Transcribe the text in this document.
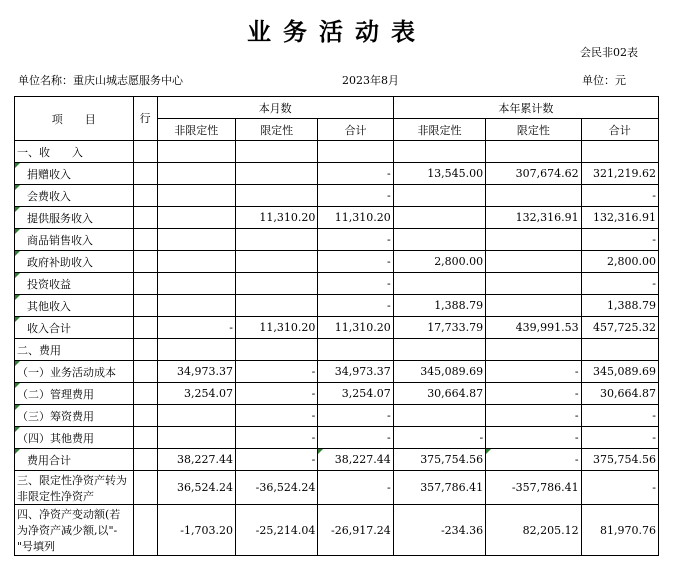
业务活动表
会民非02表
单位名称：重庆山城志愿服务中心	2023年8月	单位：元
项　　目	行	本月数			本年累计数		
		非限定性	限定性	合计	非限定性	限定性	合计
一、收　　入							
捐赠收入				-	13,545.00	307,674.62	321,219.62
会费收入				-			-
提供服务收入			11,310.20	11,310.20		132,316.91	132,316.91
商品销售收入				-			-
政府补助收入				-	2,800.00		2,800.00
投资收益				-			-
其他收入				-	1,388.79		1,388.79
收入合计		-	11,310.20	11,310.20	17,733.79	439,991.53	457,725.32
二、费用							
（一）业务活动成本		34,973.37	-	34,973.37	345,089.69	-	345,089.69
（二）管理费用		3,254.07	-	3,254.07	30,664.87	-	30,664.87
（三）筹资费用			-	-		-	-
（四）其他费用			-	-	-	-	-
费用合计		38,227.44	-	38,227.44	375,754.56	-	375,754.56
三、限定性净资产转为非限定性净资产		36,524.24	-36,524.24	-	357,786.41	-357,786.41	-
四、净资产变动额(若为净资产减少额,以"-"号填列		-1,703.20	-25,214.04	-26,917.24	-234.36	82,205.12	81,970.76
